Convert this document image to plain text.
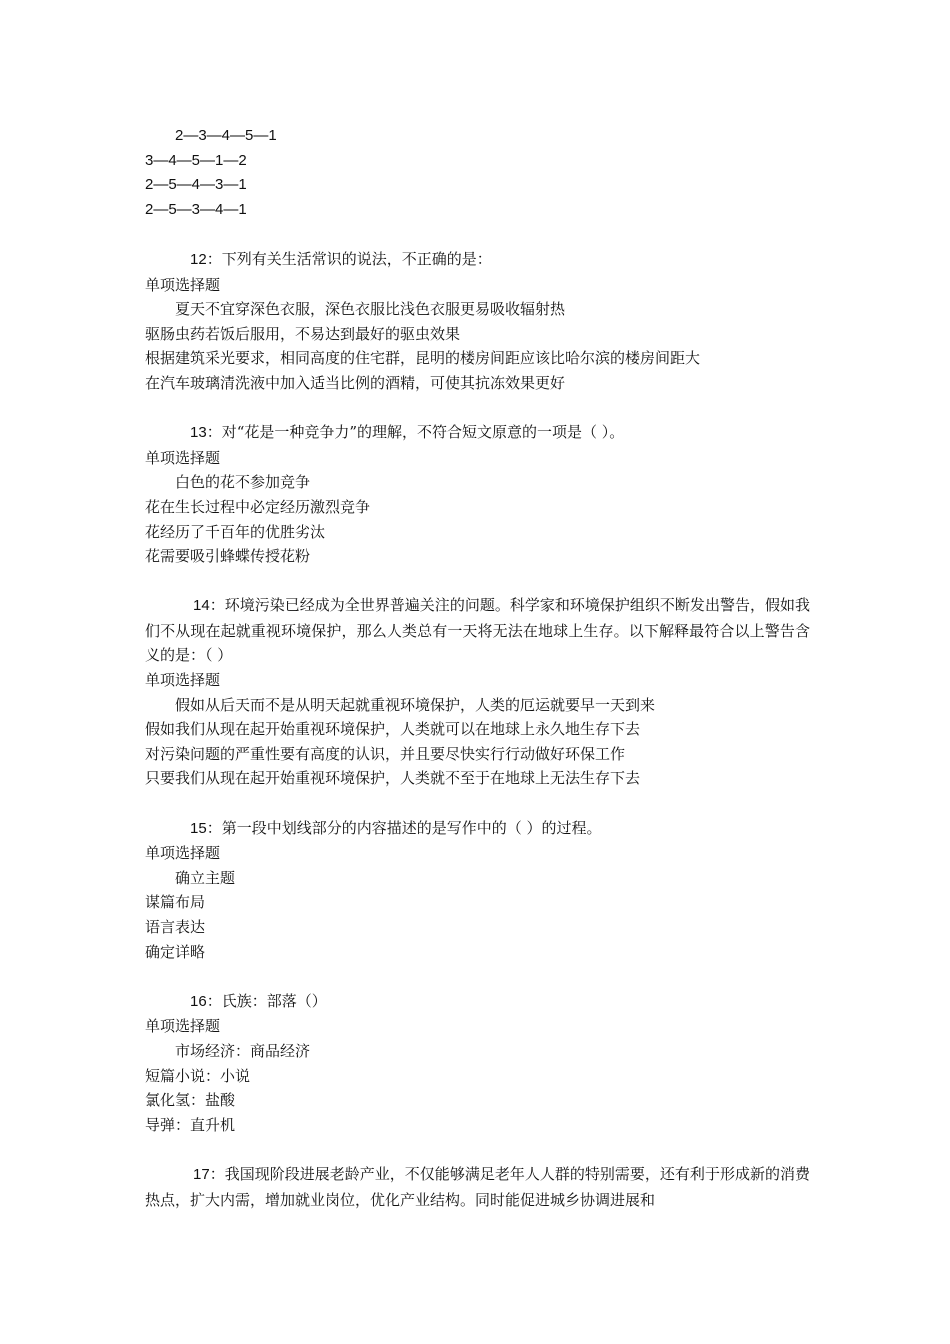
2—3—4—5—1

3—4—5—1—2

2—5—4—3—1

2—5—3—4—1

12：下列有关生活常识的说法，不正确的是：

单项选择题

夏天不宜穿深色衣服，深色衣服比浅色衣服更易吸收辐射热

驱肠虫药若饭后服用，不易达到最好的驱虫效果

根据建筑采光要求，相同高度的住宅群，昆明的楼房间距应该比哈尔滨的楼房间距大

在汽车玻璃清洗液中加入适当比例的酒精，可使其抗冻效果更好

13：对“花是一种竞争力”的理解，不符合短文原意的一项是（ ）。

单项选择题

白色的花不参加竞争

花在生长过程中必定经历激烈竞争

花经历了千百年的优胜劣汰

花需要吸引蜂蝶传授花粉

14：环境污染已经成为全世界普遍关注的问题。科学家和环境保护组织不断发出警告，假如我们不从现在起就重视环境保护，那么人类总有一天将无法在地球上生存。以下解释最符合以上警告含义的是：（ ）

单项选择题

假如从后天而不是从明天起就重视环境保护，人类的厄运就要早一天到来

假如我们从现在起开始重视环境保护，人类就可以在地球上永久地生存下去

对污染问题的严重性要有高度的认识，并且要尽快实行行动做好环保工作

只要我们从现在起开始重视环境保护，人类就不至于在地球上无法生存下去

15：第一段中划线部分的内容描述的是写作中的（ ）的过程。

单项选择题

确立主题

谋篇布局

语言表达

确定详略

16：氏族：部落（）

单项选择题

市场经济：商品经济

短篇小说：小说

氯化氢：盐酸

导弹：直升机

17：我国现阶段进展老龄产业，不仅能够满足老年人人群的特别需要，还有利于形成新的消费热点，扩大内需，增加就业岗位，优化产业结构。同时能促进城乡协调进展和
